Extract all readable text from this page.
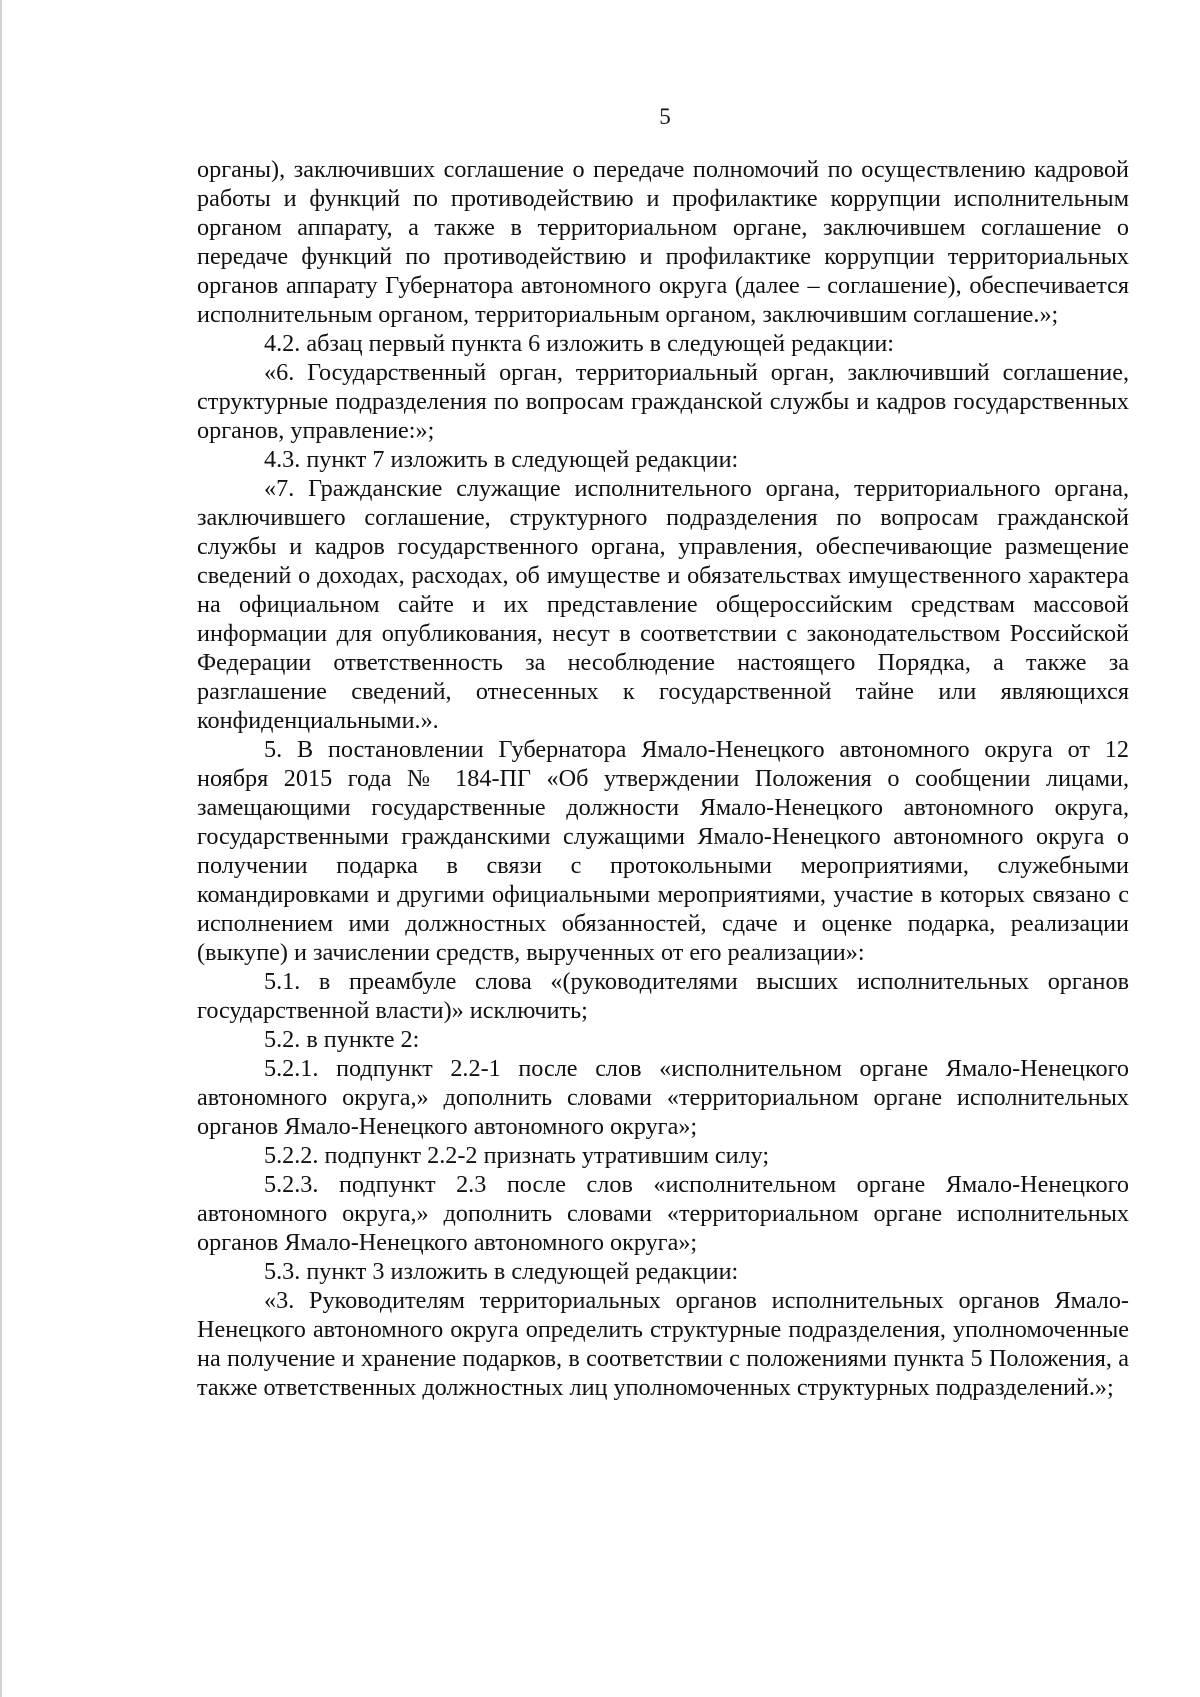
5

органы), заключивших соглашение о передаче полномочий по осуществлению кадровой работы и функций по противодействию и профилактике коррупции исполнительным органом аппарату, а также в территориальном органе, заключившем соглашение о передаче функций по противодействию и профилактике коррупции территориальных органов аппарату Губернатора автономного округа (далее – соглашение), обеспечивается исполнительным органом, территориальным органом, заключившим соглашение.»;

4.2. абзац первый пункта 6 изложить в следующей редакции:

«6. Государственный орган, территориальный орган, заключивший соглашение, структурные подразделения по вопросам гражданской службы и кадров государственных органов, управление:»;

4.3. пункт 7 изложить в следующей редакции:

«7. Гражданские служащие исполнительного органа, территориального органа, заключившего соглашение, структурного подразделения по вопросам гражданской службы и кадров государственного органа, управления, обеспечивающие размещение сведений о доходах, расходах, об имуществе и обязательствах имущественного характера на официальном сайте и их представление общероссийским средствам массовой информации для опубликования, несут в соответствии с законодательством Российской Федерации ответственность за несоблюдение настоящего Порядка, а также за разглашение сведений, отнесенных к государственной тайне или являющихся конфиденциальными.».

5. В постановлении Губернатора Ямало-Ненецкого автономного округа от 12 ноября 2015 года № 184-ПГ «Об утверждении Положения о сообщении лицами, замещающими государственные должности Ямало-Ненецкого автономного округа, государственными гражданскими служащими Ямало-Ненецкого автономного округа о получении подарка в связи с протокольными мероприятиями, служебными командировками и другими официальными мероприятиями, участие в которых связано с исполнением ими должностных обязанностей, сдаче и оценке подарка, реализации (выкупе) и зачислении средств, вырученных от его реализации»:

5.1. в преамбуле слова «(руководителями высших исполнительных органов государственной власти)» исключить;

5.2. в пункте 2:

5.2.1. подпункт 2.2-1 после слов «исполнительном органе Ямало-Ненецкого автономного округа,» дополнить словами «территориальном органе исполнительных органов Ямало-Ненецкого автономного округа»;

5.2.2. подпункт 2.2-2 признать утратившим силу;

5.2.3. подпункт 2.3 после слов «исполнительном органе Ямало-Ненецкого автономного округа,» дополнить словами «территориальном органе исполнительных органов Ямало-Ненецкого автономного округа»;

5.3. пункт 3 изложить в следующей редакции:

«3. Руководителям территориальных органов исполнительных органов Ямало-Ненецкого автономного округа определить структурные подразделения, уполномоченные на получение и хранение подарков, в соответствии с положениями пункта 5 Положения, а также ответственных должностных лиц уполномоченных структурных подразделений.»;
